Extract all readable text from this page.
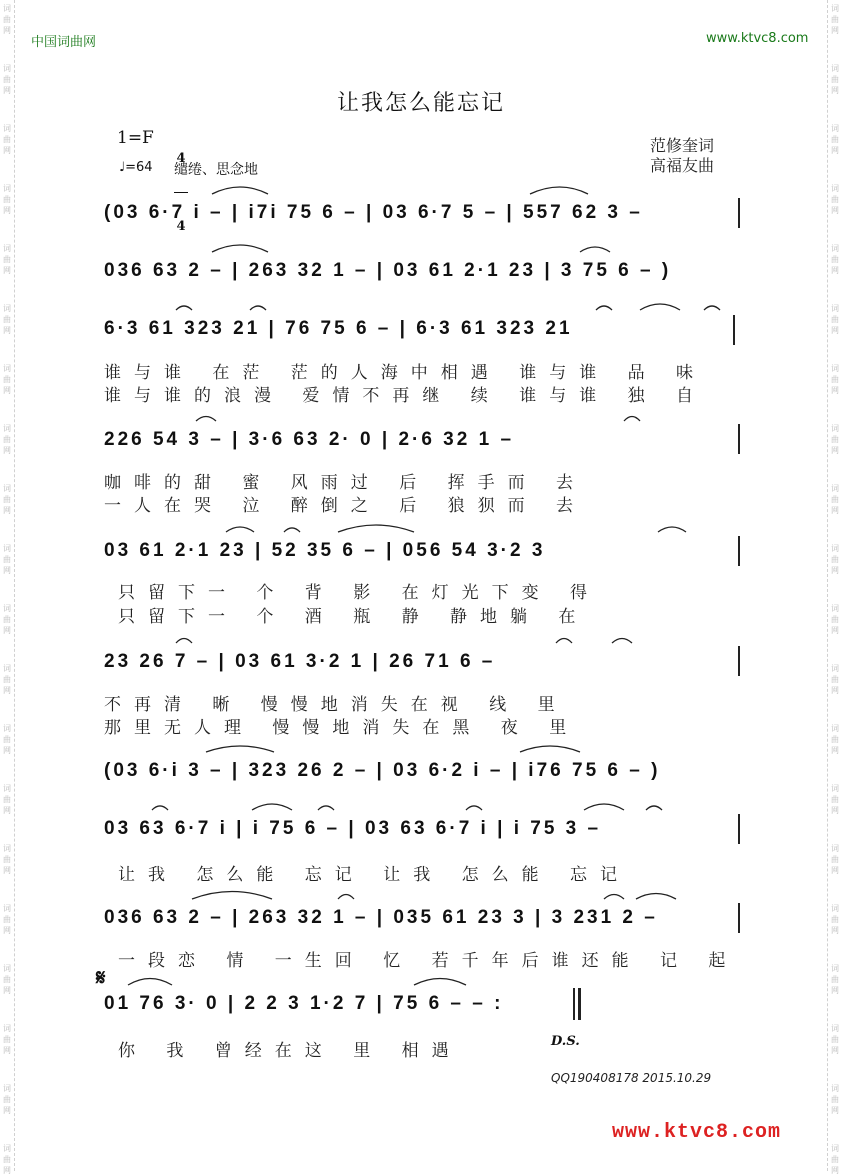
词
曲
网
词
曲
网
词
曲
网
词
曲
网
词
曲
网
词
曲
网
词
曲
网
词
曲
网
词
曲
网
词
曲
网
词
曲
网
词
曲
网
词
曲
网
词
曲
网
词
曲
网
词
曲
网
词
曲
网
词
曲
网
词
曲
网
词
曲
网
词
曲
网
词
曲
网
词
曲
网
词
曲
网
词
曲
网
词
曲
网
词
曲
网
词
曲
网
词
曲
网
词
曲
网
词
曲
网
词
曲
网
词
曲
网
词
曲
网
词
曲
网
词
曲
网
词
曲
网
词
曲
网
词
曲
网
词
曲
网
中国词曲网	www.ktvc8.com
让我怎么能忘记
1=F

4

4

♩=64 缱绻、思念地
范修奎词
高福友曲
(03 6·7 i – | i7i 75 6 – | 03 6·7 5 – | 557 62 3 –
036 63 2 – | 263 32 1 – | 03 61 2·1 23 | 3 75 6 – )
6·3 61 323 21 | 76 75 6 – | 6·3 61 323 21
谁与谁 在茫 茫的人海中相遇 谁与谁 品 味
谁与谁的浪漫 爱情不再继 续 谁与谁 独 自
226 54 3 – | 3·6 63 2· 0 | 2·6 32 1 –
咖啡的甜 蜜 风雨过 后 挥手而 去
一人在哭 泣 醉倒之 后 狼狈而 去
03 61 2·1 23 | 52 35 6 – | 056 54 3·2 3
只留下一 个 背 影 在灯光下变 得
只留下一 个 酒 瓶 静 静地躺 在
23 26 7 – | 03 61 3·2 1 | 26 71 6 –
不再清 晰 慢慢地消失在视 线 里
那里无人理 慢慢地消失在黑 夜 里
(03 6·i 3 – | 323 26 2 – | 03 6·2 i – | i76 75 6 – )
03 63 6·7 i | i 75 6 – | 03 63 6·7 i | i 75 3 –
让我 怎么能 忘记 让我 怎么能 忘记
036 63 2 – | 263 32 1 – | 035 61 23 3 | 3 231 2 –
一段恋 情 一生回 忆 若千年后谁还能 记 起
𝄋
01 76 3· 0 | 2 2 3 1·2 7 | 75 6 – – :
你 我 曾经在这 里 相遇	D.S.
QQ190408178 2015.10.29
www.ktvc8.com
